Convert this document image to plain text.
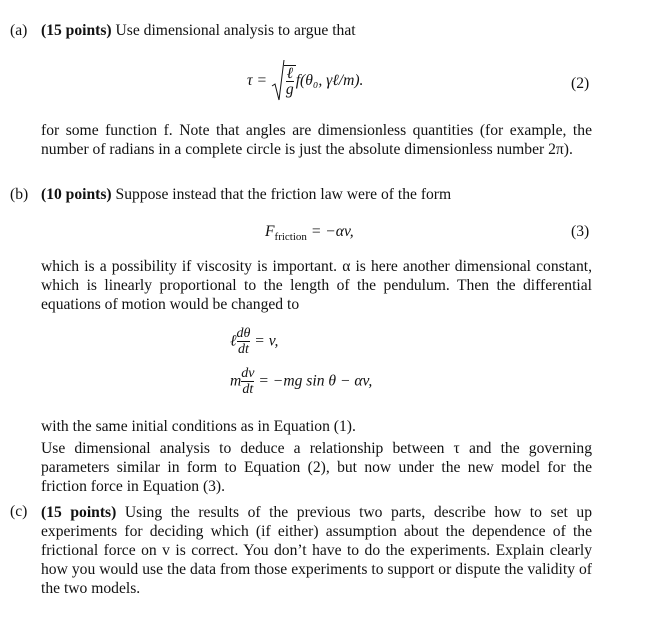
(a) (15 points) Use dimensional analysis to argue that
$\tau = \frac{\text{ℓ}}{g} f(\theta_0$, γℓ/m).	(2)
for some function f. Note that angles are dimensionless quantities (for example, the number of radians in a complete circle is just the absolute dimensionless number 2π).
(b) (10 points) Suppose instead that the friction law were of the form
$F_{friction} = -\alpha v$,	(3)
which is a possibility if viscosity is important. α is here another dimensional constant, which is linearly proportional to the length of the pendulum. Then the differential equations of motion would be changed to
ℓ $\frac{d\theta}{dt} = v$,
m $\frac{dv}{dt} = -mg$ sin θ − αv,
with the same initial conditions as in Equation (1).
Use dimensional analysis to deduce a relationship between τ and the governing parameters similar in form to Equation (2), but now under the new model for the friction force in Equation (3).
(c) (15 points) Using the results of the previous two parts, describe how to set up experiments for deciding which (if either) assumption about the dependence of the frictional force on v is correct. You don’t have to do the experiments. Explain clearly how you would use the data from those experiments to support or dispute the validity of the two models.
